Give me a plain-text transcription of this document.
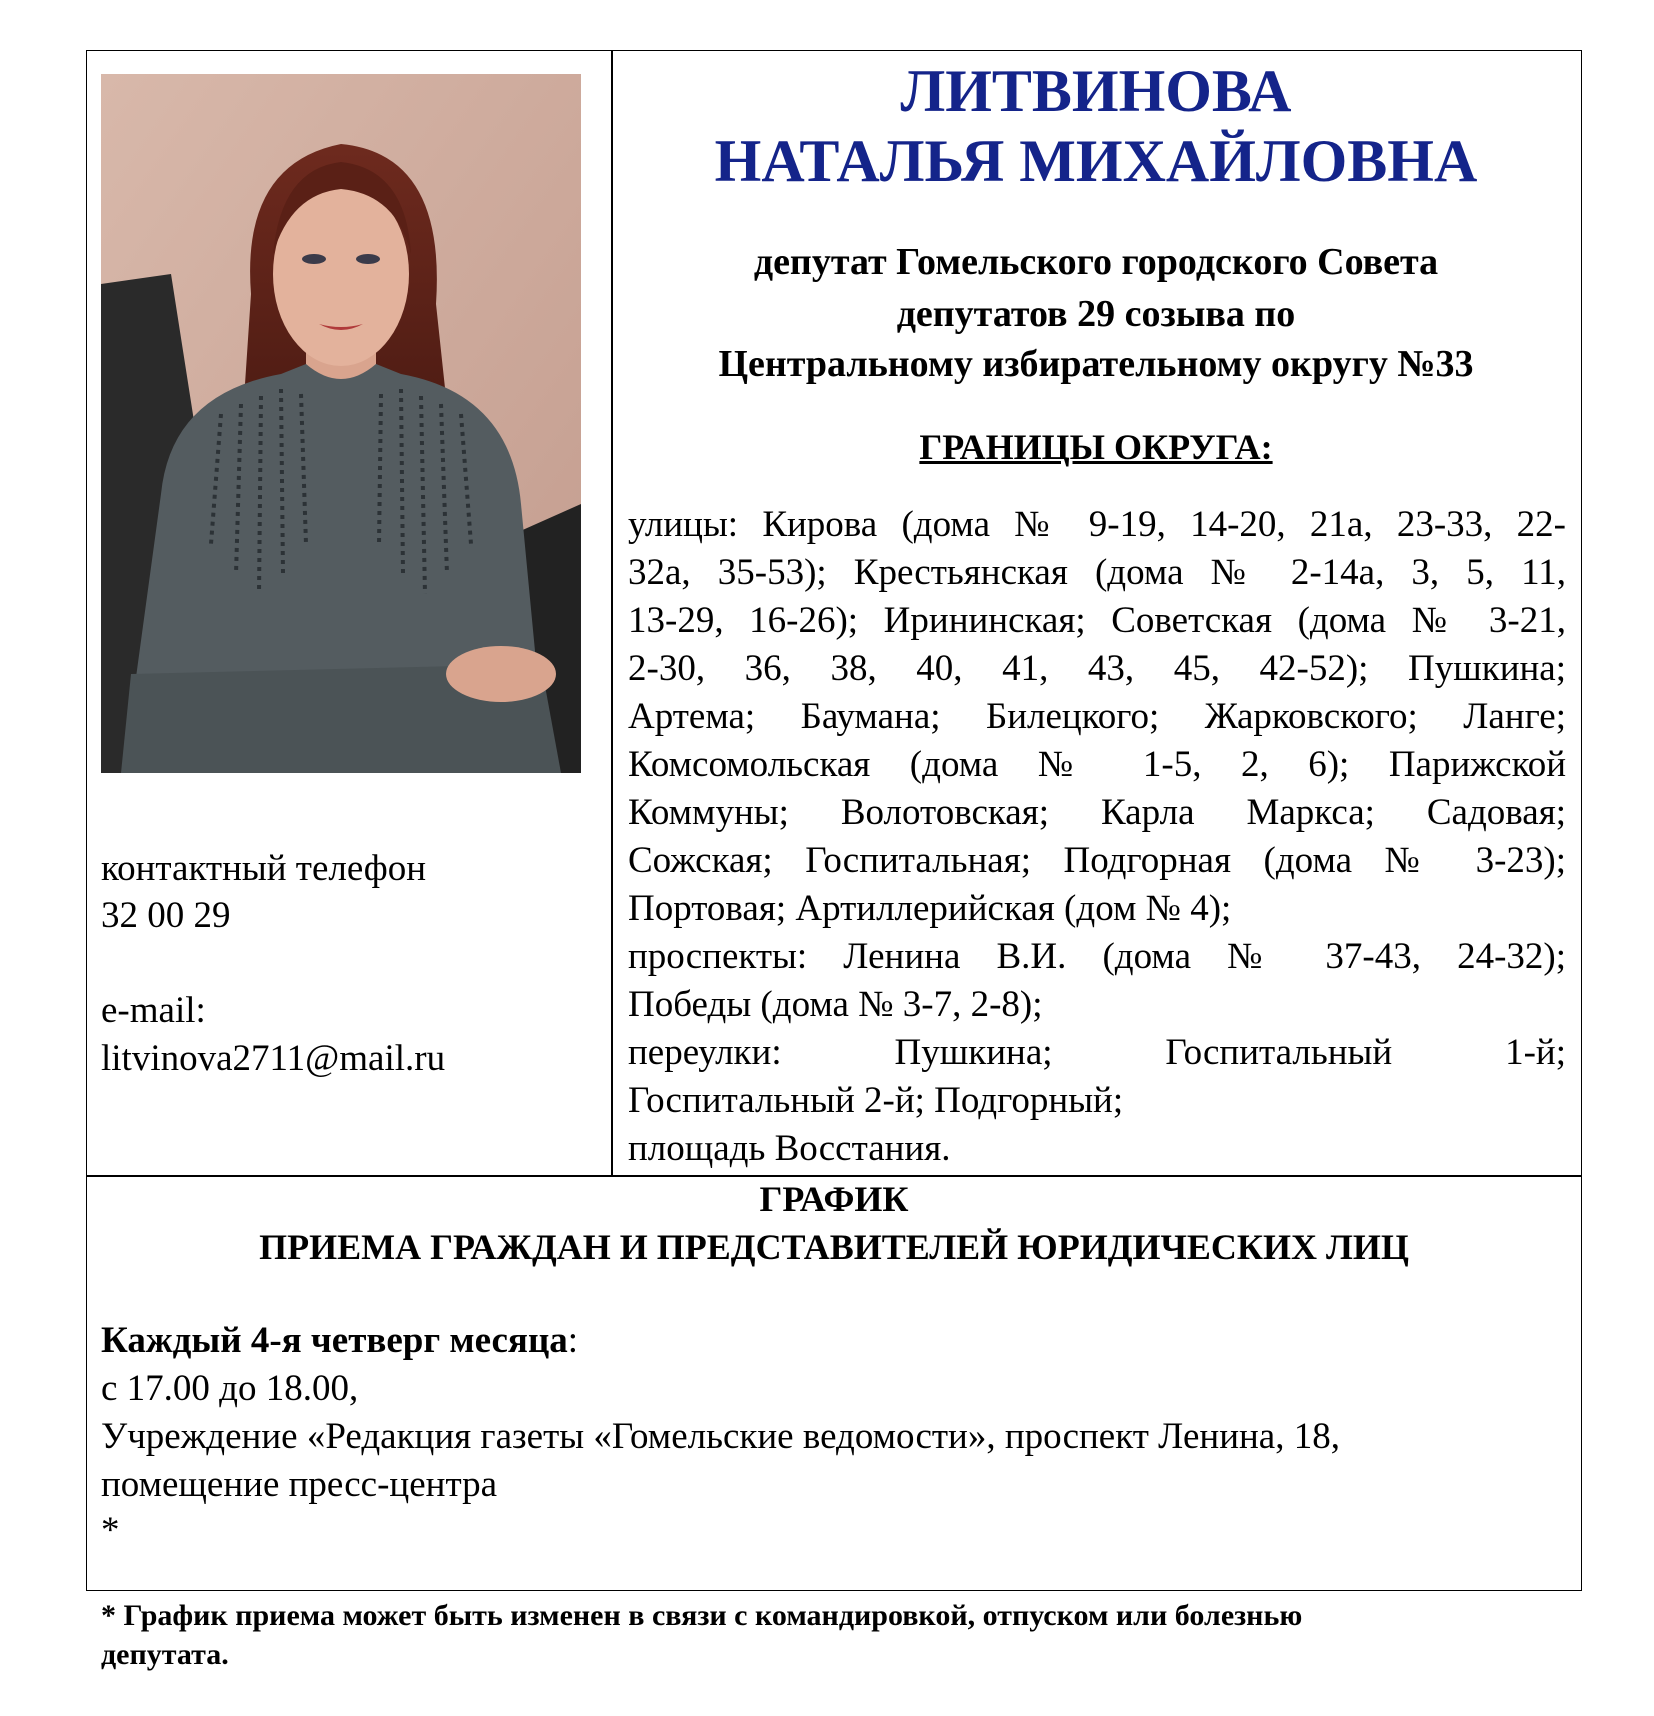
контактный телефон
32 00 29
e-mail:
litvinova2711@mail.ru
ЛИТВИНОВА
НАТАЛЬЯ МИХАЙЛОВНА
депутат Гомельского городского Совета
депутатов 29 созыва по
Центральному избирательному округу №33
ГРАНИЦЫ ОКРУГА:
улицы: Кирова (дома № 9-19, 14-20, 21а, 23-33, 22-
32а, 35-53); Крестьянская (дома № 2-14а, 3, 5, 11,
13-29, 16-26); Ирининская; Советская (дома № 3-21,
2-30, 36, 38, 40, 41, 43, 45, 42-52); Пушкина;
Артема; Баумана; Билецкого; Жарковского; Ланге;
Комсомольская (дома № 1-5, 2, 6); Парижской
Коммуны; Волотовская; Карла Маркса; Садовая;
Сожская; Госпитальная; Подгорная (дома № 3-23);
Портовая; Артиллерийская (дом № 4);
проспекты: Ленина В.И. (дома № 37-43, 24-32);
Победы (дома № 3-7, 2-8);
переулки: Пушкина; Госпитальный 1-й;
Госпитальный 2-й; Подгорный;
площадь Восстания.
ГРАФИК
ПРИЕМА ГРАЖДАН И ПРЕДСТАВИТЕЛЕЙ ЮРИДИЧЕСКИХ ЛИЦ
Каждый 4-я четверг месяца:
с 17.00 до 18.00,
Учреждение «Редакция газеты «Гомельские ведомости», проспект Ленина, 18,
помещение пресс-центра
*
* График приема может быть изменен в связи с командировкой, отпуском или болезнью
депутата.
